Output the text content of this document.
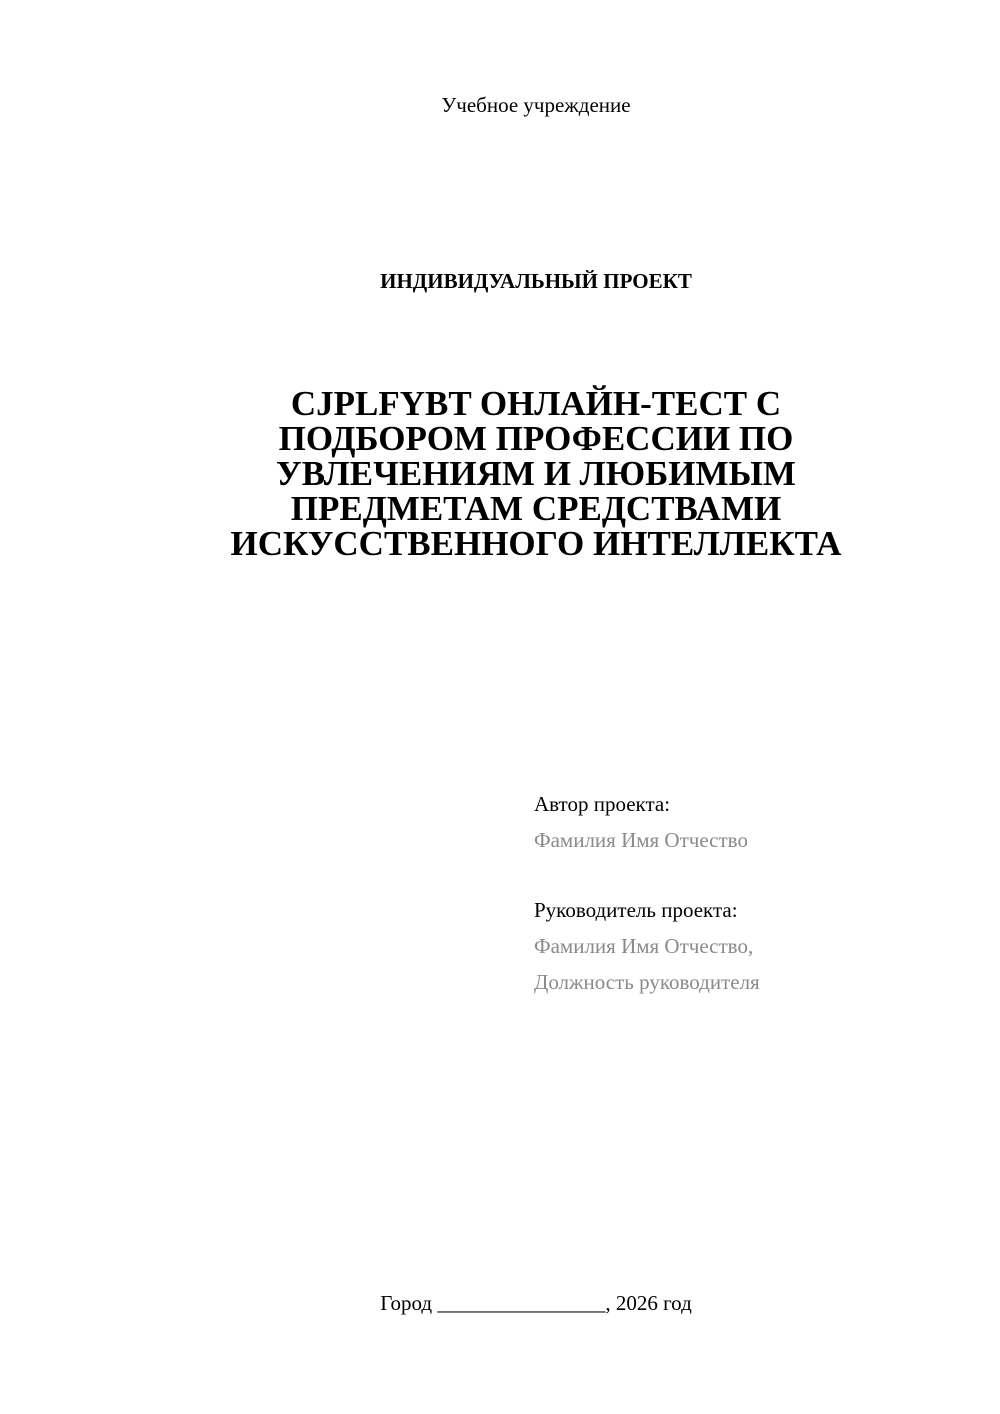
Учебное учреждение
ИНДИВИДУАЛЬНЫЙ ПРОЕКТ
CJPLFYBT ОНЛАЙН-ТЕСТ С
ПОДБОРОМ ПРОФЕССИИ ПО
УВЛЕЧЕНИЯМ И ЛЮБИМЫМ
ПРЕДМЕТАМ СРЕДСТВАМИ
ИСКУССТВЕННОГО ИНТЕЛЛЕКТА
Автор проекта:
Фамилия Имя Отчество
Руководитель проекта:
Фамилия Имя Отчество,
Должность руководителя
Город ________________, 2026 год
